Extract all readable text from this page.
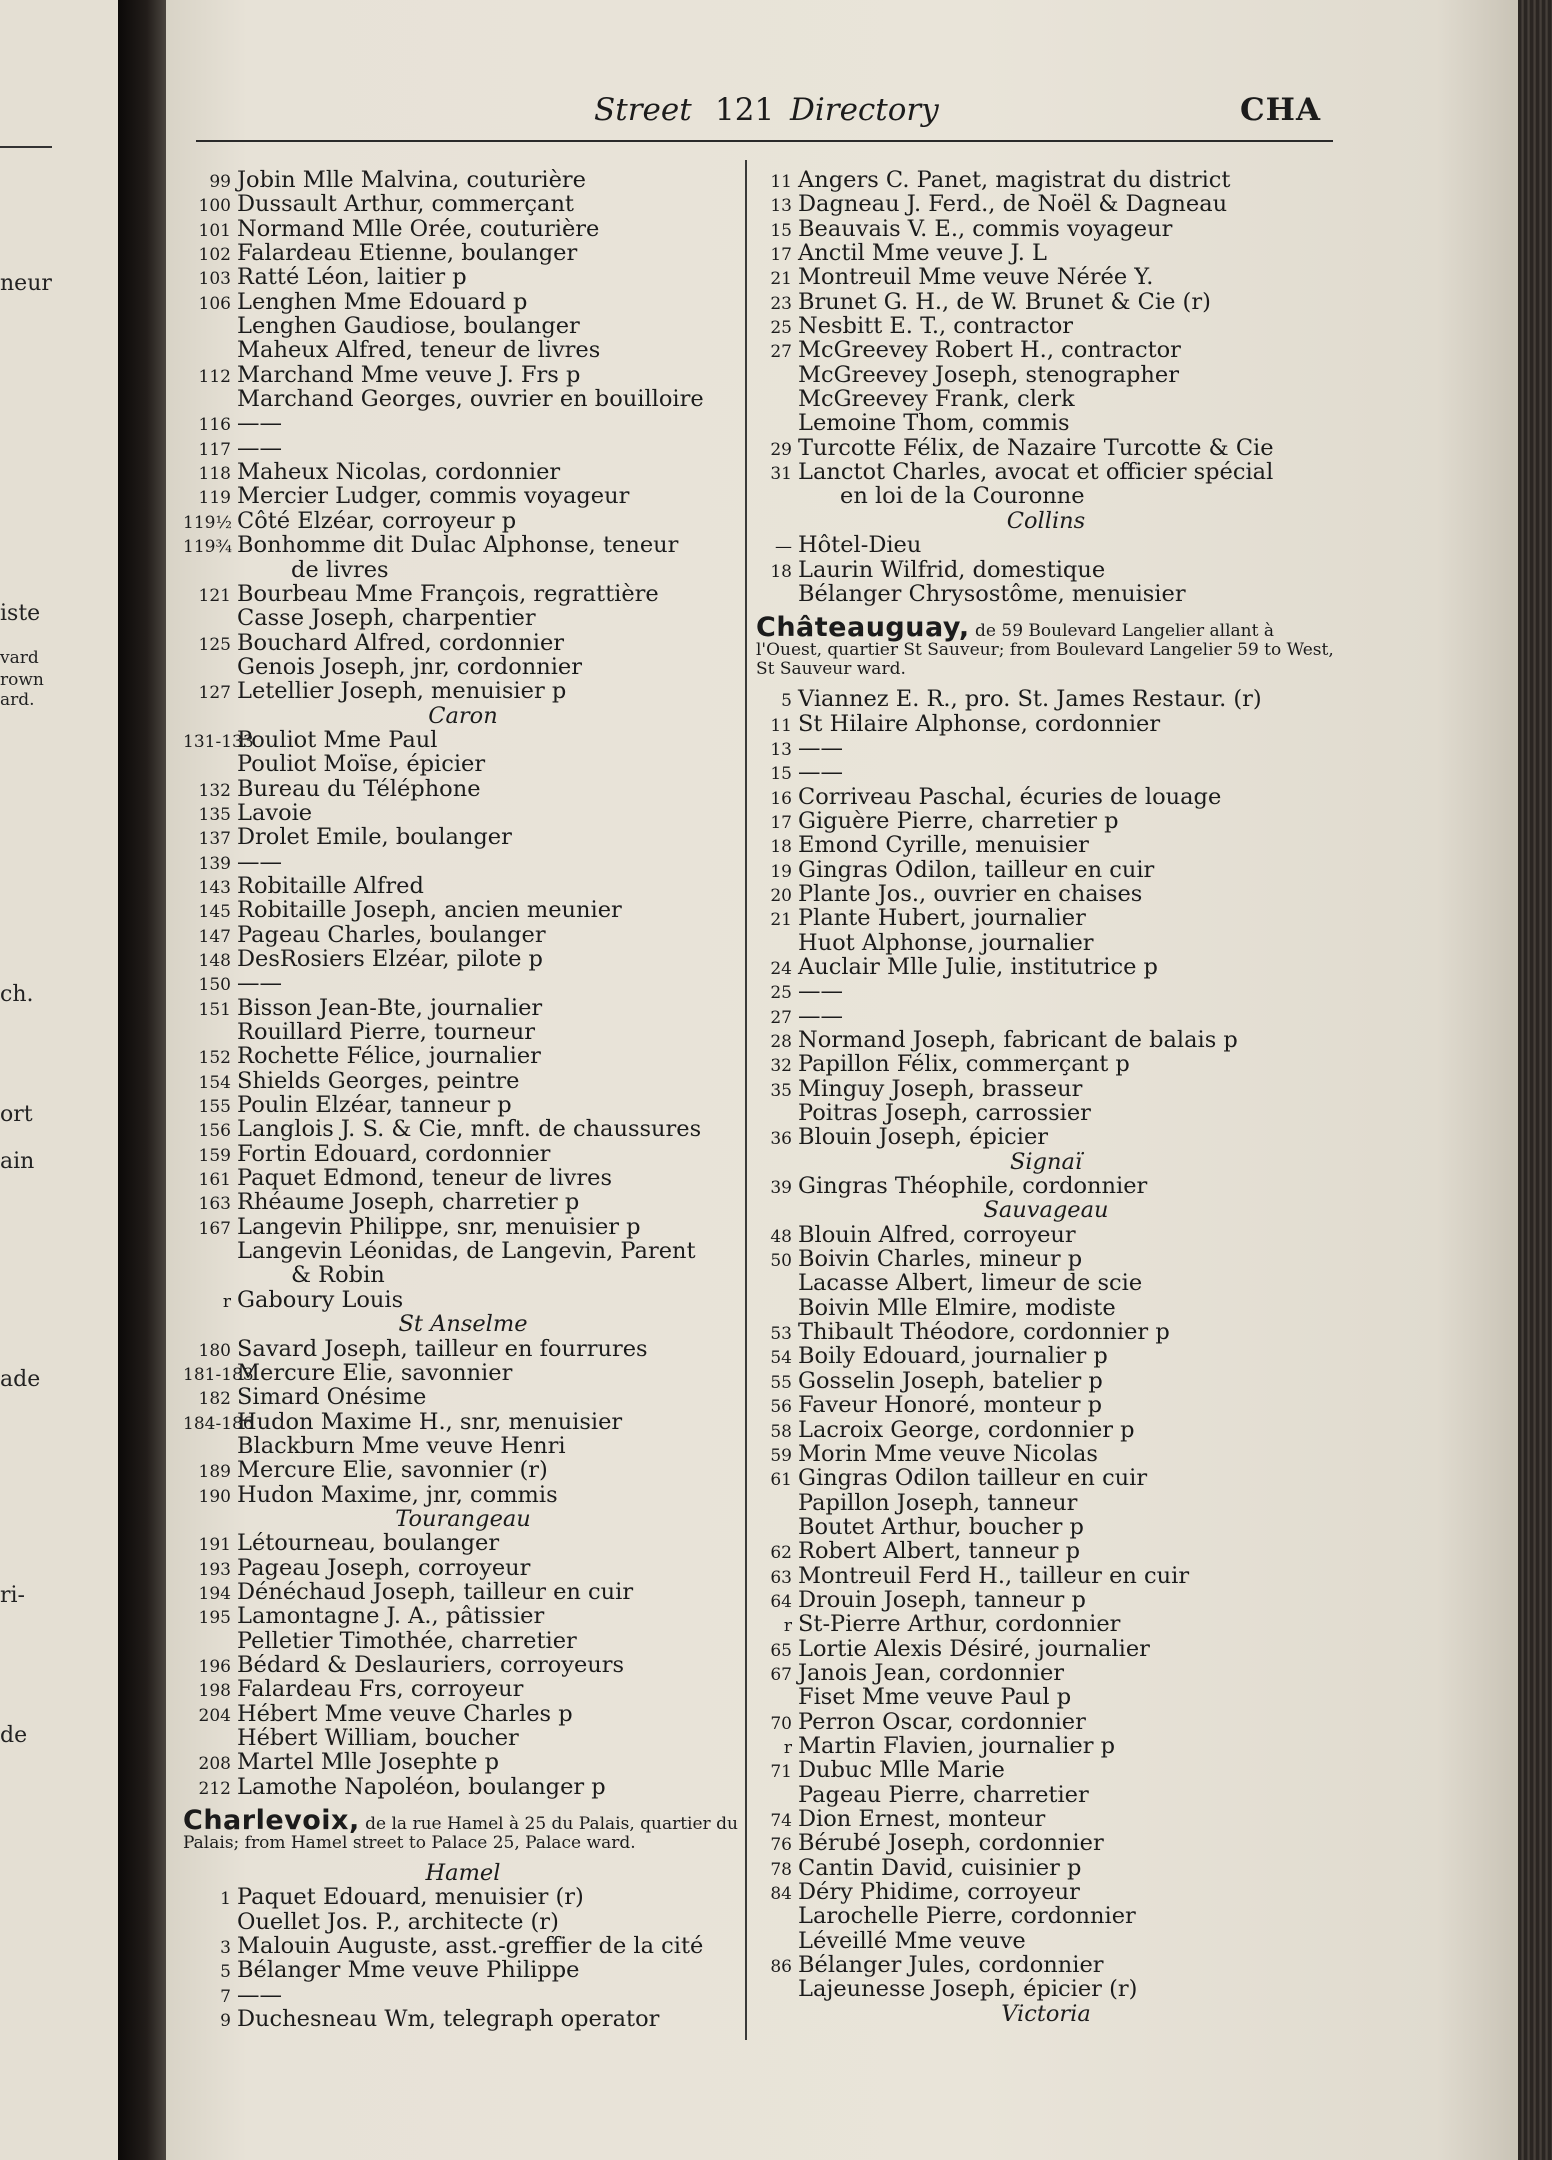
neur
iste
vard
rown
ard.
ch.
ort
ain
ade
ri-
de
Street 121 Directory	CHA
99 Jobin Mlle Malvina, couturière
100 Dussault Arthur, commerçant
101 Normand Mlle Orée, couturière
102 Falardeau Etienne, boulanger
103 Ratté Léon, laitier p
106 Lenghen Mme Edouard p
Lenghen Gaudiose, boulanger
Maheux Alfred, teneur de livres
112 Marchand Mme veuve J. Frs p
Marchand Georges, ouvrier en bouilloire
116 ——
117 ——
118 Maheux Nicolas, cordonnier
119 Mercier Ludger, commis voyageur
119½ Côté Elzéar, corroyeur p
119¾ Bonhomme dit Dulac Alphonse, teneur
de livres
121 Bourbeau Mme François, regrattière
Casse Joseph, charpentier
125 Bouchard Alfred, cordonnier
Genois Joseph, jnr, cordonnier
127 Letellier Joseph, menuisier p
Caron
131-133Pouliot Mme Paul
Pouliot Moïse, épicier
132 Bureau du Téléphone
135 Lavoie
137 Drolet Emile, boulanger
139 ——
143 Robitaille Alfred
145 Robitaille Joseph, ancien meunier
147 Pageau Charles, boulanger
148 DesRosiers Elzéar, pilote p
150 ——
151 Bisson Jean-Bte, journalier
Rouillard Pierre, tourneur
152 Rochette Félice, journalier
154 Shields Georges, peintre
155 Poulin Elzéar, tanneur p
156 Langlois J. S. & Cie, mnft. de chaussures
159 Fortin Edouard, cordonnier
161 Paquet Edmond, teneur de livres
163 Rhéaume Joseph, charretier p
167 Langevin Philippe, snr, menuisier p
Langevin Léonidas, de Langevin, Parent
& Robin
r Gaboury Louis
St Anselme
180 Savard Joseph, tailleur en fourrures
181-183Mercure Elie, savonnier
182 Simard Onésime
184-186Hudon Maxime H., snr, menuisier
Blackburn Mme veuve Henri
189 Mercure Elie, savonnier (r)
190 Hudon Maxime, jnr, commis
Tourangeau
191 Létourneau, boulanger
193 Pageau Joseph, corroyeur
194 Dénéchaud Joseph, tailleur en cuir
195 Lamontagne J. A., pâtissier
Pelletier Timothée, charretier
196 Bédard & Deslauriers, corroyeurs
198 Falardeau Frs, corroyeur
204 Hébert Mme veuve Charles p
Hébert William, boucher
208 Martel Mlle Josephte p
212 Lamothe Napoléon, boulanger p
Charlevoix, de la rue Hamel à 25 du Palais, quartier du Palais; from Hamel street to Palace 25, Palace ward.
Hamel
1 Paquet Edouard, menuisier (r)
Ouellet Jos. P., architecte (r)
3 Malouin Auguste, asst.-greffier de la cité
5 Bélanger Mme veuve Philippe
7 ——
9 Duchesneau Wm, telegraph operator
11 Angers C. Panet, magistrat du district
13 Dagneau J. Ferd., de Noël & Dagneau
15 Beauvais V. E., commis voyageur
17 Anctil Mme veuve J. L
21 Montreuil Mme veuve Nérée Y.
23 Brunet G. H., de W. Brunet & Cie (r)
25 Nesbitt E. T., contractor
27 McGreevey Robert H., contractor
McGreevey Joseph, stenographer
McGreevey Frank, clerk
Lemoine Thom, commis
29 Turcotte Félix, de Nazaire Turcotte & Cie
31 Lanctot Charles, avocat et officier spécial
en loi de la Couronne
Collins
— Hôtel-Dieu
18 Laurin Wilfrid, domestique
Bélanger Chrysostôme, menuisier
Châteauguay, de 59 Boulevard Langelier allant à l'Ouest, quartier St Sauveur; from Boulevard Langelier 59 to West, St Sauveur ward.
5 Viannez E. R., pro. St. James Restaur. (r)
11 St Hilaire Alphonse, cordonnier
13 ——
15 ——
16 Corriveau Paschal, écuries de louage
17 Giguère Pierre, charretier p
18 Emond Cyrille, menuisier
19 Gingras Odilon, tailleur en cuir
20 Plante Jos., ouvrier en chaises
21 Plante Hubert, journalier
Huot Alphonse, journalier
24 Auclair Mlle Julie, institutrice p
25 ——
27 ——
28 Normand Joseph, fabricant de balais p
32 Papillon Félix, commerçant p
35 Minguy Joseph, brasseur
Poitras Joseph, carrossier
36 Blouin Joseph, épicier
Signaï
39 Gingras Théophile, cordonnier
Sauvageau
48 Blouin Alfred, corroyeur
50 Boivin Charles, mineur p
Lacasse Albert, limeur de scie
Boivin Mlle Elmire, modiste
53 Thibault Théodore, cordonnier p
54 Boily Edouard, journalier p
55 Gosselin Joseph, batelier p
56 Faveur Honoré, monteur p
58 Lacroix George, cordonnier p
59 Morin Mme veuve Nicolas
61 Gingras Odilon tailleur en cuir
Papillon Joseph, tanneur
Boutet Arthur, boucher p
62 Robert Albert, tanneur p
63 Montreuil Ferd H., tailleur en cuir
64 Drouin Joseph, tanneur p
r St-Pierre Arthur, cordonnier
65 Lortie Alexis Désiré, journalier
67 Janois Jean, cordonnier
Fiset Mme veuve Paul p
70 Perron Oscar, cordonnier
r Martin Flavien, journalier p
71 Dubuc Mlle Marie
Pageau Pierre, charretier
74 Dion Ernest, monteur
76 Bérubé Joseph, cordonnier
78 Cantin David, cuisinier p
84 Déry Phidime, corroyeur
Larochelle Pierre, cordonnier
Léveillé Mme veuve
86 Bélanger Jules, cordonnier
Lajeunesse Joseph, épicier (r)
Victoria
